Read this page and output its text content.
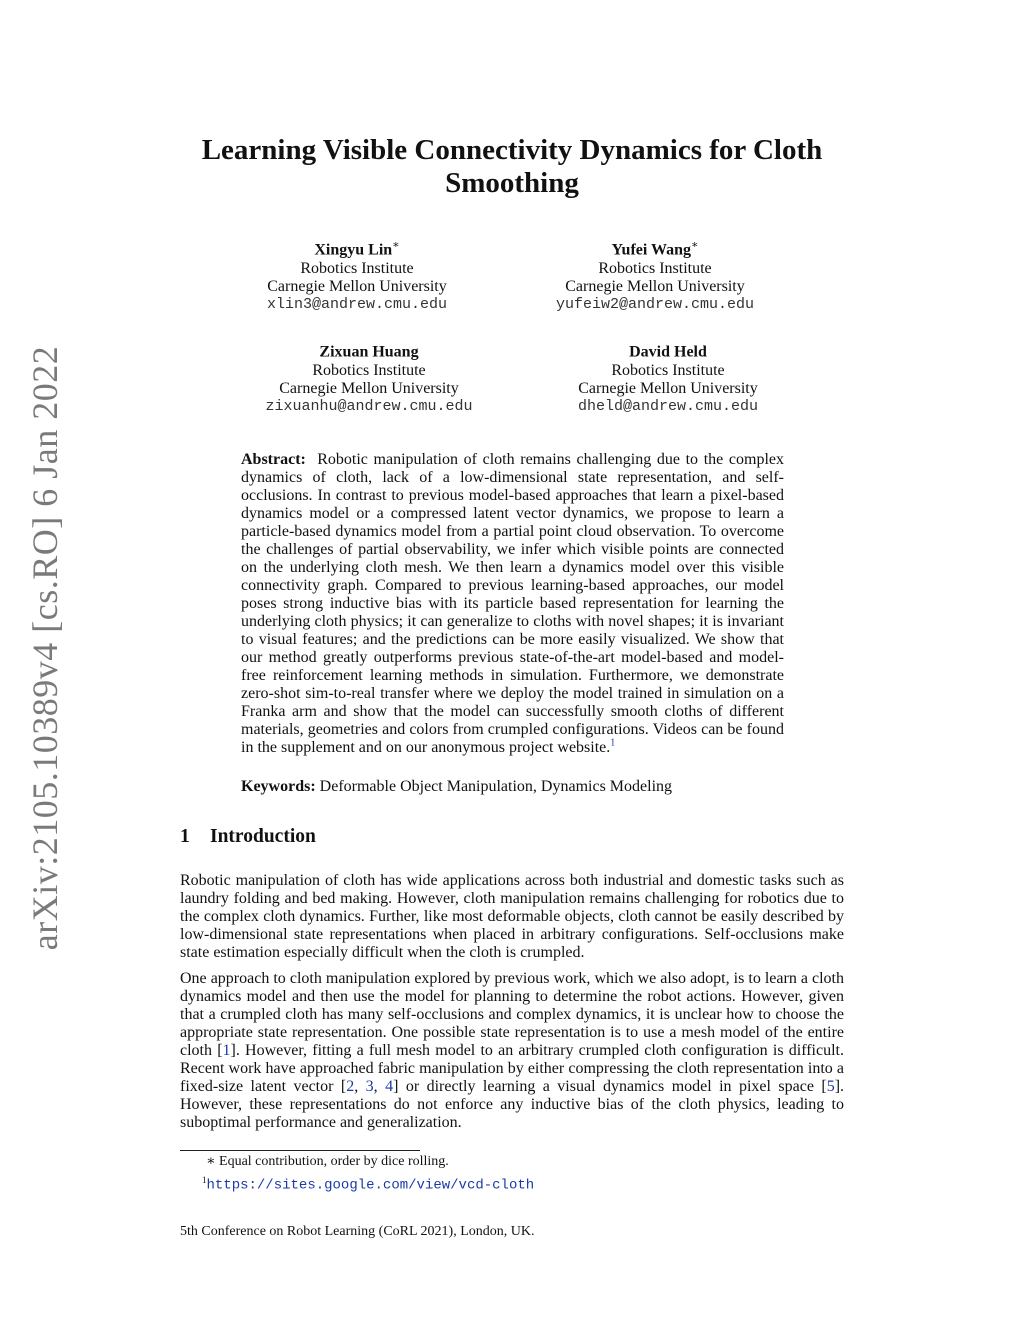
arXiv:2105.10389v4 [cs.RO] 6 Jan 2022
Learning Visible Connectivity Dynamics for Cloth
Smoothing
Xingyu Lin∗
Robotics Institute
Carnegie Mellon University
xlin3@andrew.cmu.edu
Yufei Wang∗
Robotics Institute
Carnegie Mellon University
yufeiw2@andrew.cmu.edu
Zixuan Huang
Robotics Institute
Carnegie Mellon University
zixuanhu@andrew.cmu.edu
David Held
Robotics Institute
Carnegie Mellon University
dheld@andrew.cmu.edu
Abstract: Robotic manipulation of cloth remains challenging due to the complex dynamics of cloth, lack of a low-dimensional state representation, and self-occlusions. In contrast to previous model-based approaches that learn a pixel-based dynamics model or a compressed latent vector dynamics, we propose to learn a particle-based dynamics model from a partial point cloud observation. To overcome the challenges of partial observability, we infer which visible points are connected on the underlying cloth mesh. We then learn a dynamics model over this visible connectivity graph. Compared to previous learning-based approaches, our model poses strong inductive bias with its particle based representation for learning the underlying cloth physics; it can generalize to cloths with novel shapes; it is invariant to visual features; and the predictions can be more easily visualized. We show that our method greatly outperforms previous state-of-the-art model-based and model-free reinforcement learning methods in simulation. Furthermore, we demonstrate zero-shot sim-to-real transfer where we deploy the model trained in simulation on a Franka arm and show that the model can successfully smooth cloths of different materials, geometries and colors from crumpled configurations. Videos can be found in the supplement and on our anonymous project website.$^1$
Keywords: Deformable Object Manipulation, Dynamics Modeling
1 Introduction
Robotic manipulation of cloth has wide applications across both industrial and domestic tasks such as laundry folding and bed making. However, cloth manipulation remains challenging for robotics due to the complex cloth dynamics. Further, like most deformable objects, cloth cannot be easily described by low-dimensional state representations when placed in arbitrary configurations. Self-occlusions make state estimation especially difficult when the cloth is crumpled.
One approach to cloth manipulation explored by previous work, which we also adopt, is to learn a cloth dynamics model and then use the model for planning to determine the robot actions. However, given that a crumpled cloth has many self-occlusions and complex dynamics, it is unclear how to choose the appropriate state representation. One possible state representation is to use a mesh model of the entire cloth [1]. However, fitting a full mesh model to an arbitrary crumpled cloth configuration is difficult. Recent work have approached fabric manipulation by either compressing the cloth representation into a fixed-size latent vector [2, 3, 4] or directly learning a visual dynamics model in pixel space [5]. However, these representations do not enforce any inductive bias of the cloth physics, leading to suboptimal performance and generalization.
∗ Equal contribution, order by dice rolling.
$^1$https://sites.google.com/view/vcd-cloth
5th Conference on Robot Learning (CoRL 2021), London, UK.
